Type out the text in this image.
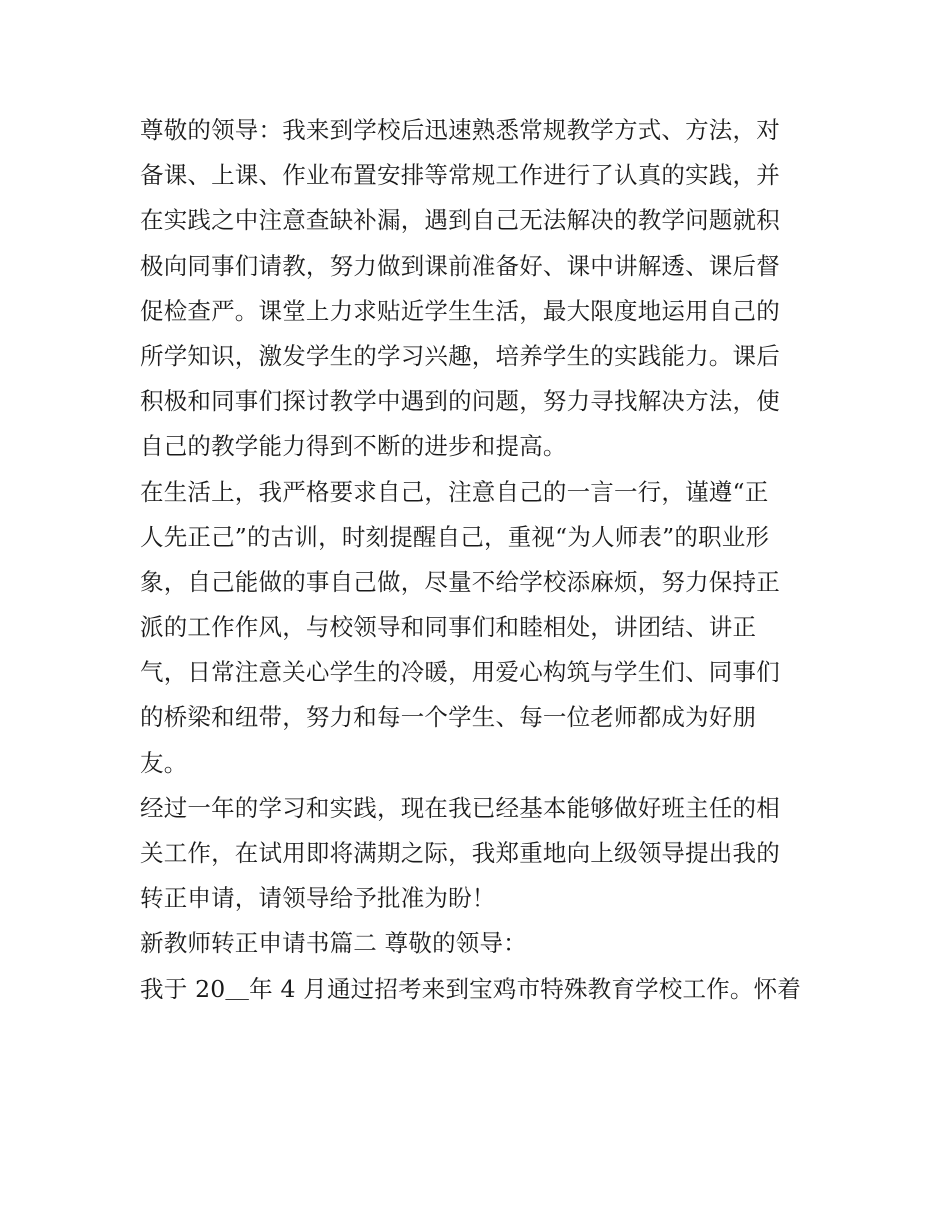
尊敬的领导：我来到学校后迅速熟悉常规教学方式、方法，对
备课、上课、作业布置安排等常规工作进行了认真的实践，并
在实践之中注意查缺补漏，遇到自己无法解决的教学问题就积
极向同事们请教，努力做到课前准备好、课中讲解透、课后督
促检查严。课堂上力求贴近学生生活，最大限度地运用自己的
所学知识，激发学生的学习兴趣，培养学生的实践能力。课后
积极和同事们探讨教学中遇到的问题，努力寻找解决方法，使
自己的教学能力得到不断的进步和提高。
在生活上，我严格要求自己，注意自己的一言一行，谨遵“正
人先正己”的古训，时刻提醒自己，重视“为人师表”的职业形
象，自己能做的事自己做，尽量不给学校添麻烦，努力保持正
派的工作作风，与校领导和同事们和睦相处，讲团结、讲正
气，日常注意关心学生的冷暖，用爱心构筑与学生们、同事们
的桥梁和纽带，努力和每一个学生、每一位老师都成为好朋
友。
经过一年的学习和实践，现在我已经基本能够做好班主任的相
关工作，在试用即将满期之际，我郑重地向上级领导提出我的
转正申请，请领导给予批准为盼！
新教师转正申请书篇二 尊敬的领导：
我于 20＿年 4 月通过招考来到宝鸡市特殊教育学校工作。怀着
